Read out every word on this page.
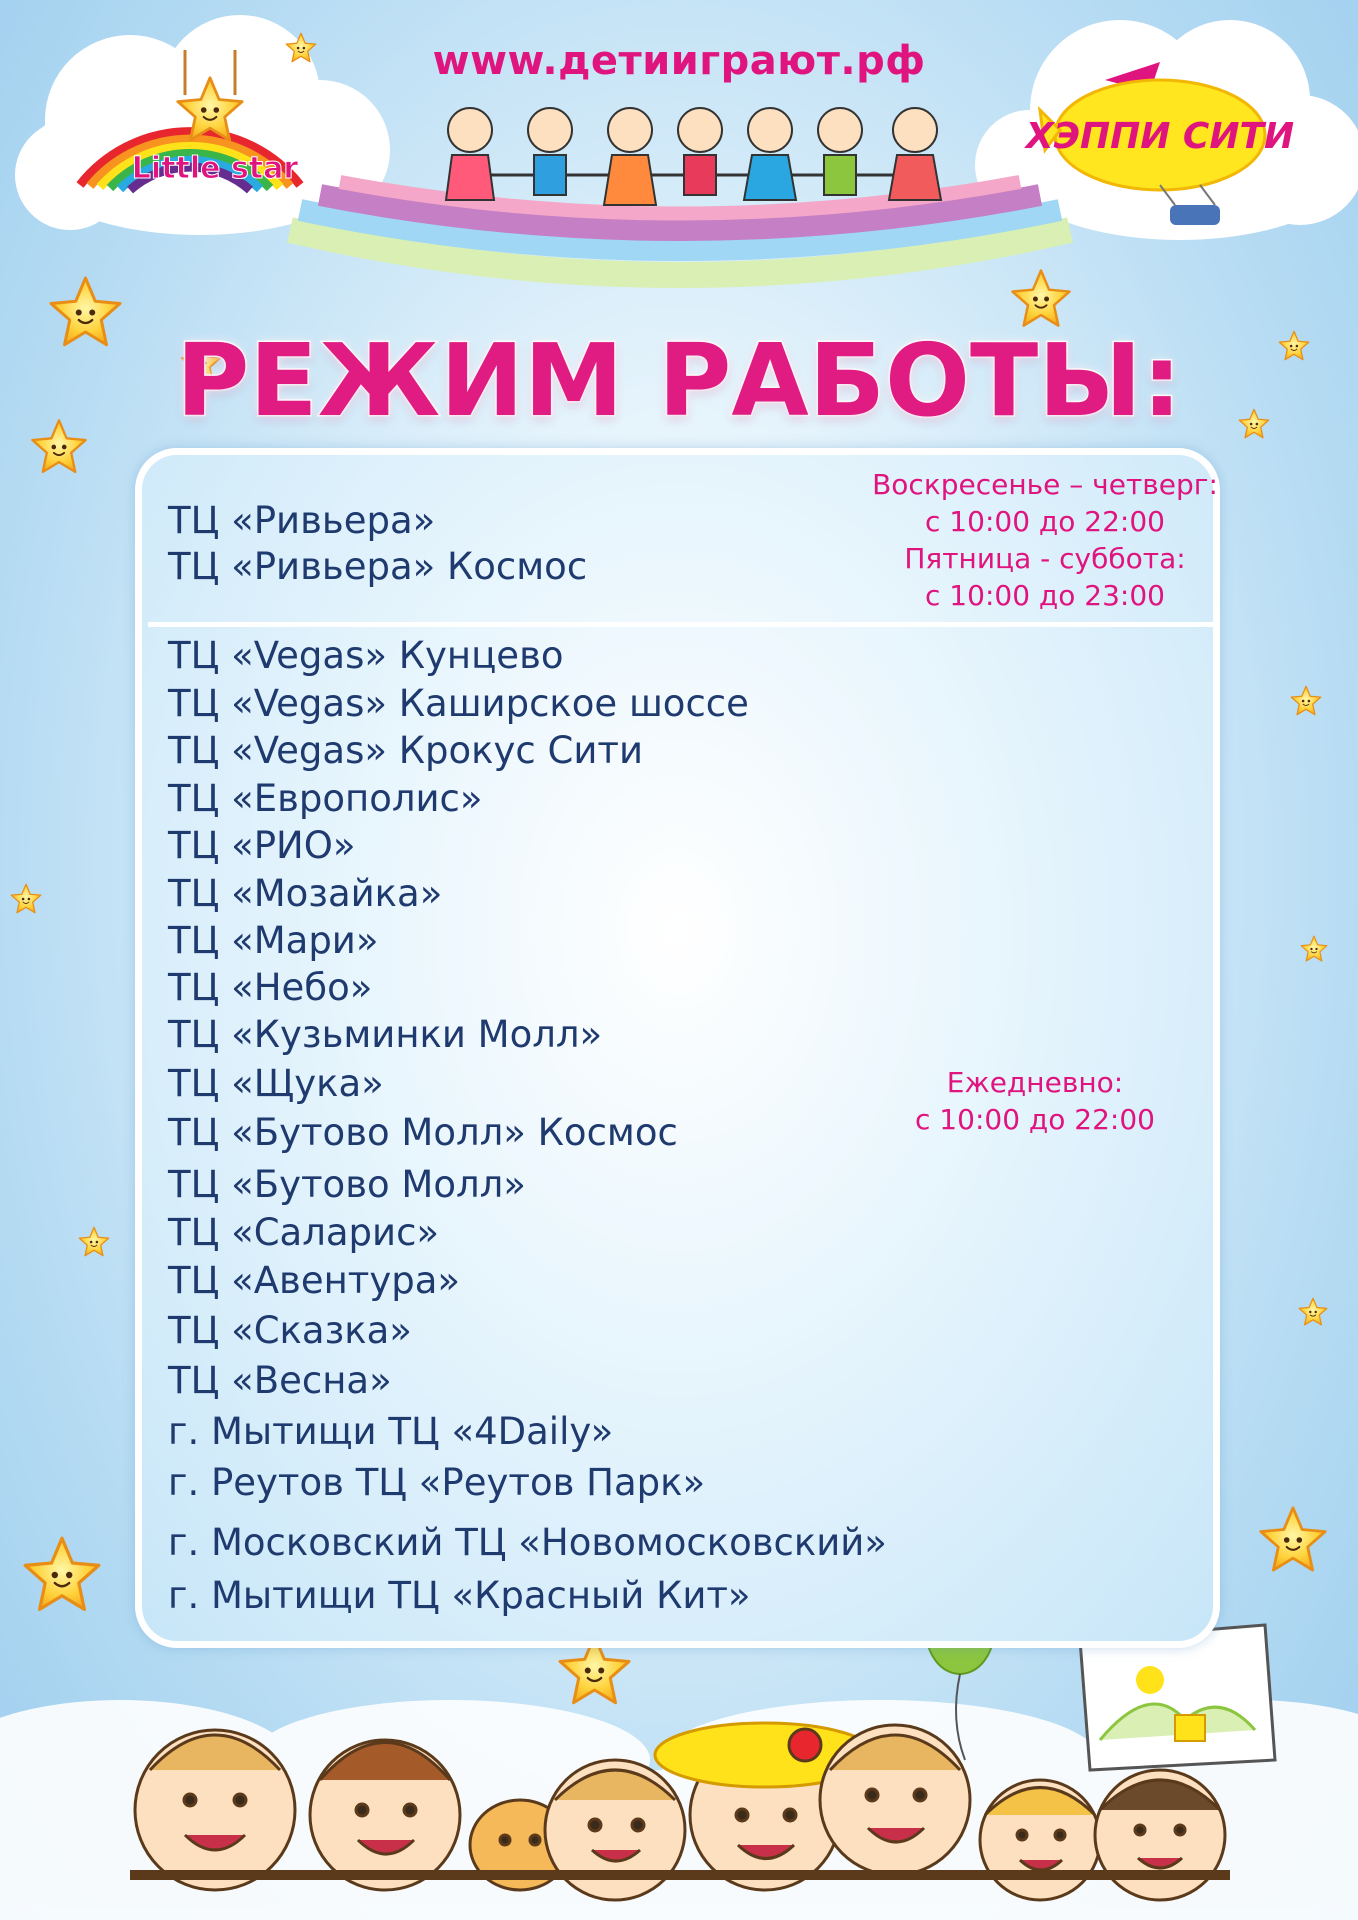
Little star
ХЭППИ СИТИ
www.детииграют.рф
РЕЖИМ РАБОТЫ:

ТЦ «Ривьера»

ТЦ «Ривьера» Космос

Воскресенье – четверг:

с 10:00 до 22:00

Пятница - суббота:

с 10:00 до 23:00

ТЦ «Vegas» Кунцево

ТЦ «Vegas» Каширское шоссе

ТЦ «Vegas» Крокус Сити

ТЦ «Европолис»

ТЦ «РИО»

ТЦ «Мозайка»

ТЦ «Мари»

ТЦ «Небо»

ТЦ «Кузьминки Молл»

ТЦ «Щука»

ТЦ «Бутово Молл» Космос

ТЦ «Бутово Молл»

ТЦ «Саларис»

ТЦ «Авентура»

ТЦ «Сказка»

ТЦ «Весна»

г. Мытищи ТЦ «4Daily»

г. Реутов ТЦ «Реутов Парк»

г. Московский ТЦ «Новомосковский»

г. Мытищи ТЦ «Красный Кит»

Ежедневно:

с 10:00 до 22:00
